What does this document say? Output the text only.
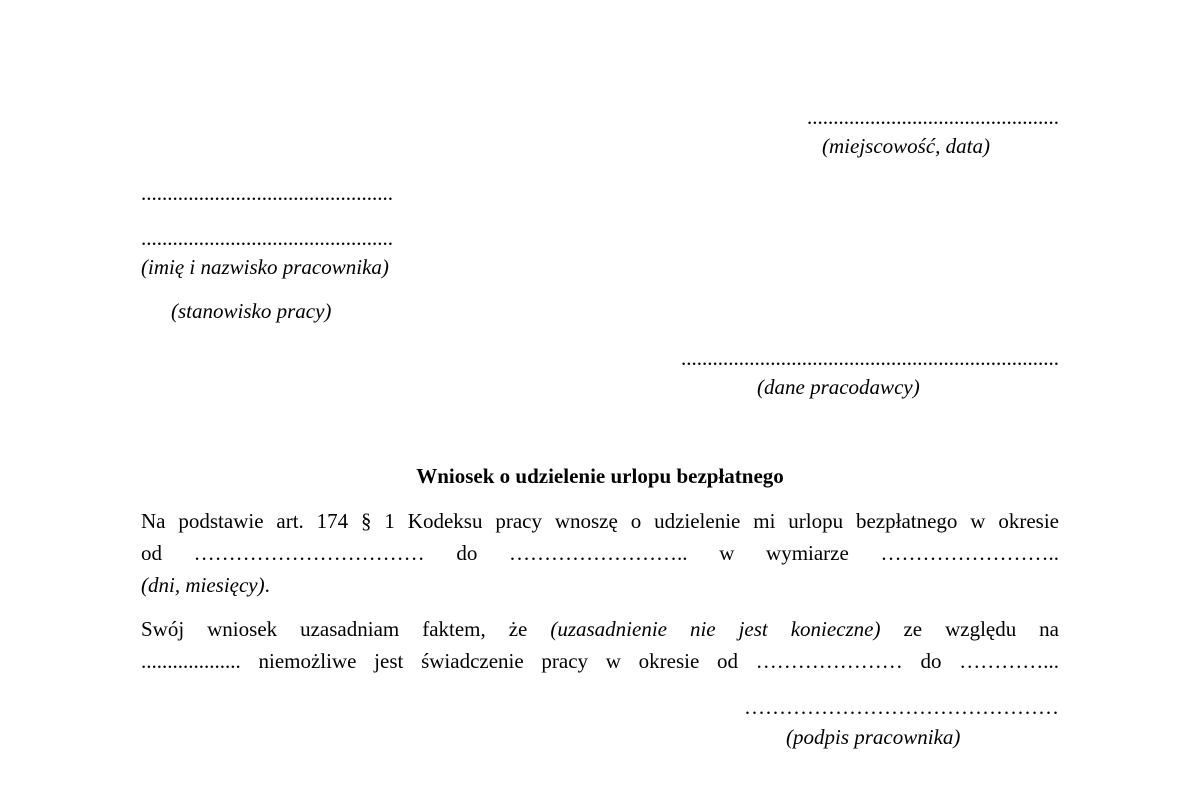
................................................
(miejscowość, data)
................................................
................................................
(imię i nazwisko pracownika)
(stanowisko pracy)
........................................................................
(dane pracodawcy)
Wniosek o udzielenie urlopu bezpłatnego
Na podstawie art. 174 § 1 Kodeksu pracy wnoszę o udzielenie mi urlopu bezpłatnego w okresie
od …………………………… do …………………….. w wymiarze ……………………..
(dni, miesięcy).
Swój wniosek uzasadniam faktem, że (uzasadnienie nie jest konieczne) ze względu na
................... niemożliwe jest świadczenie pracy w okresie od ………………… do …………...
………………………………………
(podpis pracownika)
